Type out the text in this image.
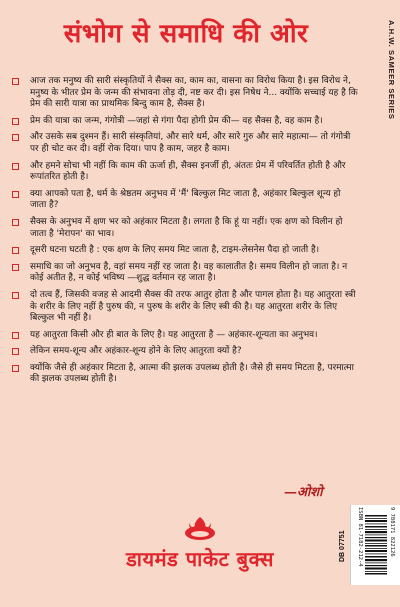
संभोग से समाधि की ओर	A.H.W. SAMEER SERIES
आज तक मनुष्य की सारी संस्कृतियों ने सैक्स का, काम का, वासना का विरोध किया है। इस विरोध ने, मनुष्य के भीतर प्रेम के जन्म की संभावना तोड़ दी, नष्ट कर दी। इस निषेध ने... क्योंकि सच्चाई यह है कि प्रेम की सारी यात्रा का प्राथमिक बिन्दु काम है, सैक्स है।
प्रेम की यात्रा का जन्म, गंगोत्री —जहां से गंगा पैदा होगी प्रेम की— वह सैक्स है, वह काम है।
और उसके सब दुश्मन हैं। सारी संस्कृतियां, और सारे धर्म, और सारे गुरु और सारे महात्मा— तो गंगोत्री पर ही चोट कर दी। वहीं रोक दिया। पाप है काम, जहर है काम।
और हमने सोचा भी नहीं कि काम की ऊर्जा ही, सैक्स इनर्जी ही, अंततः प्रेम में परिवर्तित होती है और रूपांतरित होती है।
क्या आपको पता है, धर्म के श्रेष्ठतम अनुभव में 'मैं' बिल्कुल मिट जाता है, अहंकार बिल्कुल शून्य हो जाता है?
सैक्स के अनुभव में क्षण भर को अहंकार मिटता है। लगता है कि हूं या नहीं। एक क्षण को विलीन हो जाता है 'मेरापन' का भाव।
दूसरी घटना घटती है : एक क्षण के लिए समय मिट जाता है, टाइम-लेसनेस पैदा हो जाती है।
समाधि का जो अनुभव है, वहां समय नहीं रह जाता है। वह कालातीत है। समय विलीन हो जाता है। न कोई अतीत है, न कोई भविष्य —शुद्ध वर्तमान रह जाता है।
दो तत्व हैं, जिसकी वजह से आदमी सैक्स की तरफ आतुर होता है और पागल होता है। यह आतुरता स्त्री के शरीर के लिए नहीं है पुरुष की, न पुरुष के शरीर के लिए स्त्री की है। यह आतुरता शरीर के लिए बिल्कुल भी नहीं है।
यह आतुरता किसी और ही बात के लिए है। यह आतुरता है — अहंकार-शून्यता का अनुभव।
लेकिन समय-शून्य और अहंकार-शून्य होने के लिए आतुरता क्यों है?
क्योंकि जैसे ही अहंकार मिटता है, आत्मा की झलक उपलब्ध होती है। जैसे ही समय मिटता है, परमात्मा की झलक उपलब्ध होती है।
—ओशो
डायमंड पाकेट बुक्स	DB 07751 ISBN 81-7182-212-4	9 788171 822126
